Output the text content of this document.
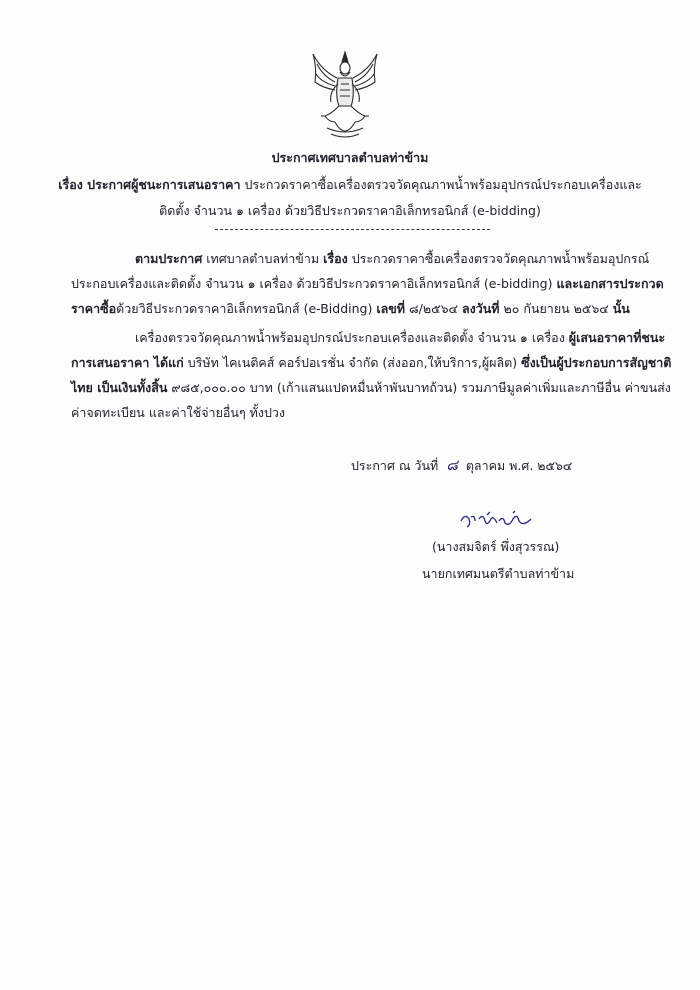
ประกาศเทศบาลตำบลท่าข้าม
เรื่อง ประกาศผู้ชนะการเสนอราคา ประกวดราคาซื้อเครื่องตรวจวัดคุณภาพน้ำพร้อมอุปกรณ์ประกอบเครื่องและ
ติดตั้ง จำนวน ๑ เครื่อง ด้วยวิธีประกวดราคาอิเล็กทรอนิกส์ (e-bidding)
ตามประกาศ เทศบาลตำบลท่าข้าม เรื่อง ประกวดราคาซื้อเครื่องตรวจวัดคุณภาพน้ำพร้อมอุปกรณ์
ประกอบเครื่องและติดตั้ง จำนวน ๑ เครื่อง ด้วยวิธีประกวดราคาอิเล็กทรอนิกส์ (e-bidding) และเอกสารประกวด
ราคาซื้อด้วยวิธีประกวดราคาอิเล็กทรอนิกส์ (e-Bidding) เลขที่ ๘/๒๕๖๔ ลงวันที่ ๒๐ กันยายน ๒๕๖๔ นั้น
เครื่องตรวจวัดคุณภาพน้ำพร้อมอุปกรณ์ประกอบเครื่องและติดตั้ง จำนวน ๑ เครื่อง ผู้เสนอราคาที่ชนะ
การเสนอราคา ได้แก่ บริษัท ไคเนติคส์ คอร์ปอเรชั่น จำกัด (ส่งออก,ให้บริการ,ผู้ผลิต) ซึ่งเป็นผู้ประกอบการสัญชาติ
ไทย เป็นเงินทั้งสิ้น ๙๘๕,๐๐๐.๐๐ บาท (เก้าแสนแปดหมื่นห้าพันบาทถ้วน) รวมภาษีมูลค่าเพิ่มและภาษีอื่น ค่าขนส่ง
ค่าจดทะเบียน และค่าใช้จ่ายอื่นๆ ทั้งปวง
ประกาศ ณ วันที่ ๘ ตุลาคม พ.ศ. ๒๕๖๔
(นางสมจิตร์ พึ่งสุวรรณ)
นายกเทศมนตรีตำบลท่าข้าม
